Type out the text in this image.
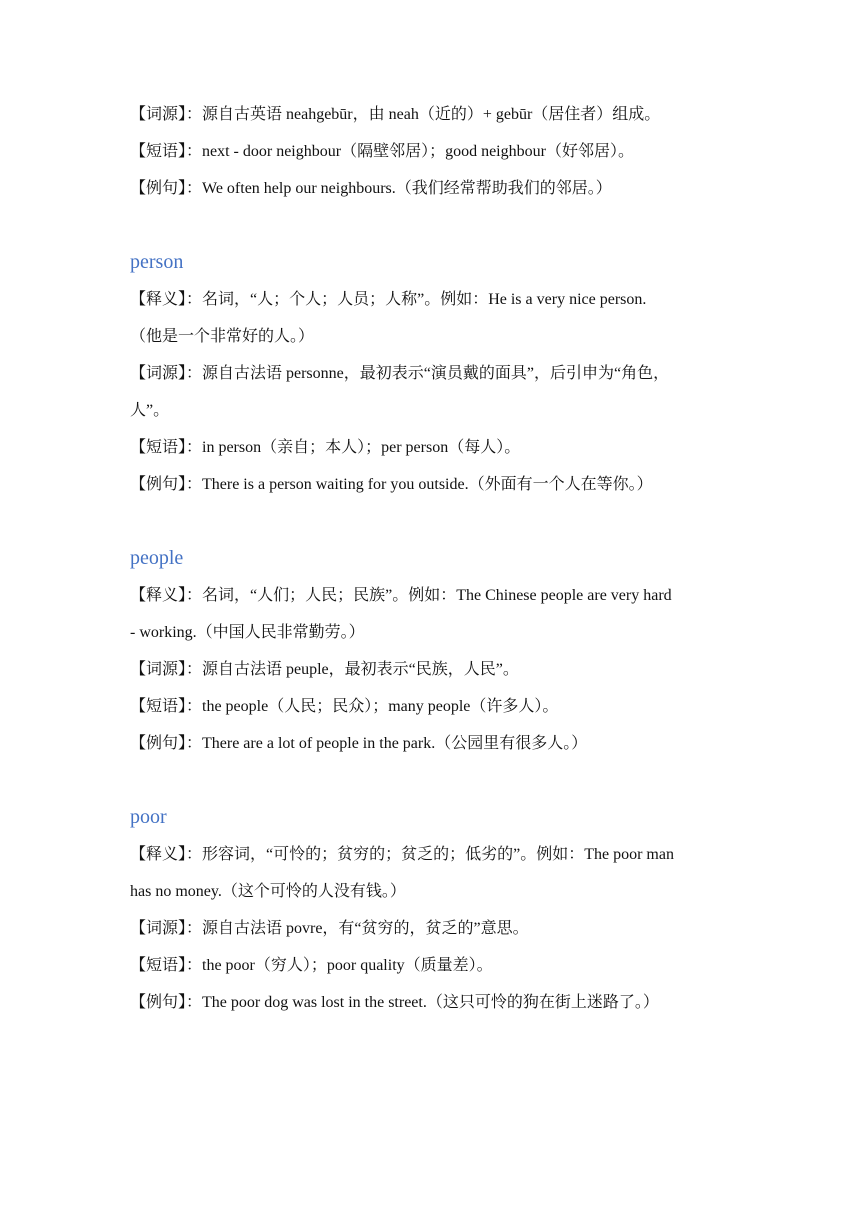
【词源】：源自古英语 neahgebūr，由 neah（近的）+ gebūr（居住者）组成。

【短语】：next - door neighbour（隔壁邻居）；good neighbour（好邻居）。

【例句】：We often help our neighbours.（我们经常帮助我们的邻居。）

person

【释义】：名词，“人；个人；人员；人称”。例如：He is a very nice person.

（他是一个非常好的人。）

【词源】：源自古法语 personne，最初表示“演员戴的面具”，后引申为“角色，

人”。

【短语】：in person（亲自；本人）；per person（每人）。

【例句】：There is a person waiting for you outside.（外面有一个人在等你。）

people

【释义】：名词，“人们；人民；民族”。例如：The Chinese people are very hard

- working.（中国人民非常勤劳。）

【词源】：源自古法语 peuple，最初表示“民族，人民”。

【短语】：the people（人民；民众）；many people（许多人）。

【例句】：There are a lot of people in the park.（公园里有很多人。）

poor

【释义】：形容词，“可怜的；贫穷的；贫乏的；低劣的”。例如：The poor man

has no money.（这个可怜的人没有钱。）

【词源】：源自古法语 povre，有“贫穷的，贫乏的”意思。

【短语】：the poor（穷人）；poor quality（质量差）。

【例句】：The poor dog was lost in the street.（这只可怜的狗在街上迷路了。）
